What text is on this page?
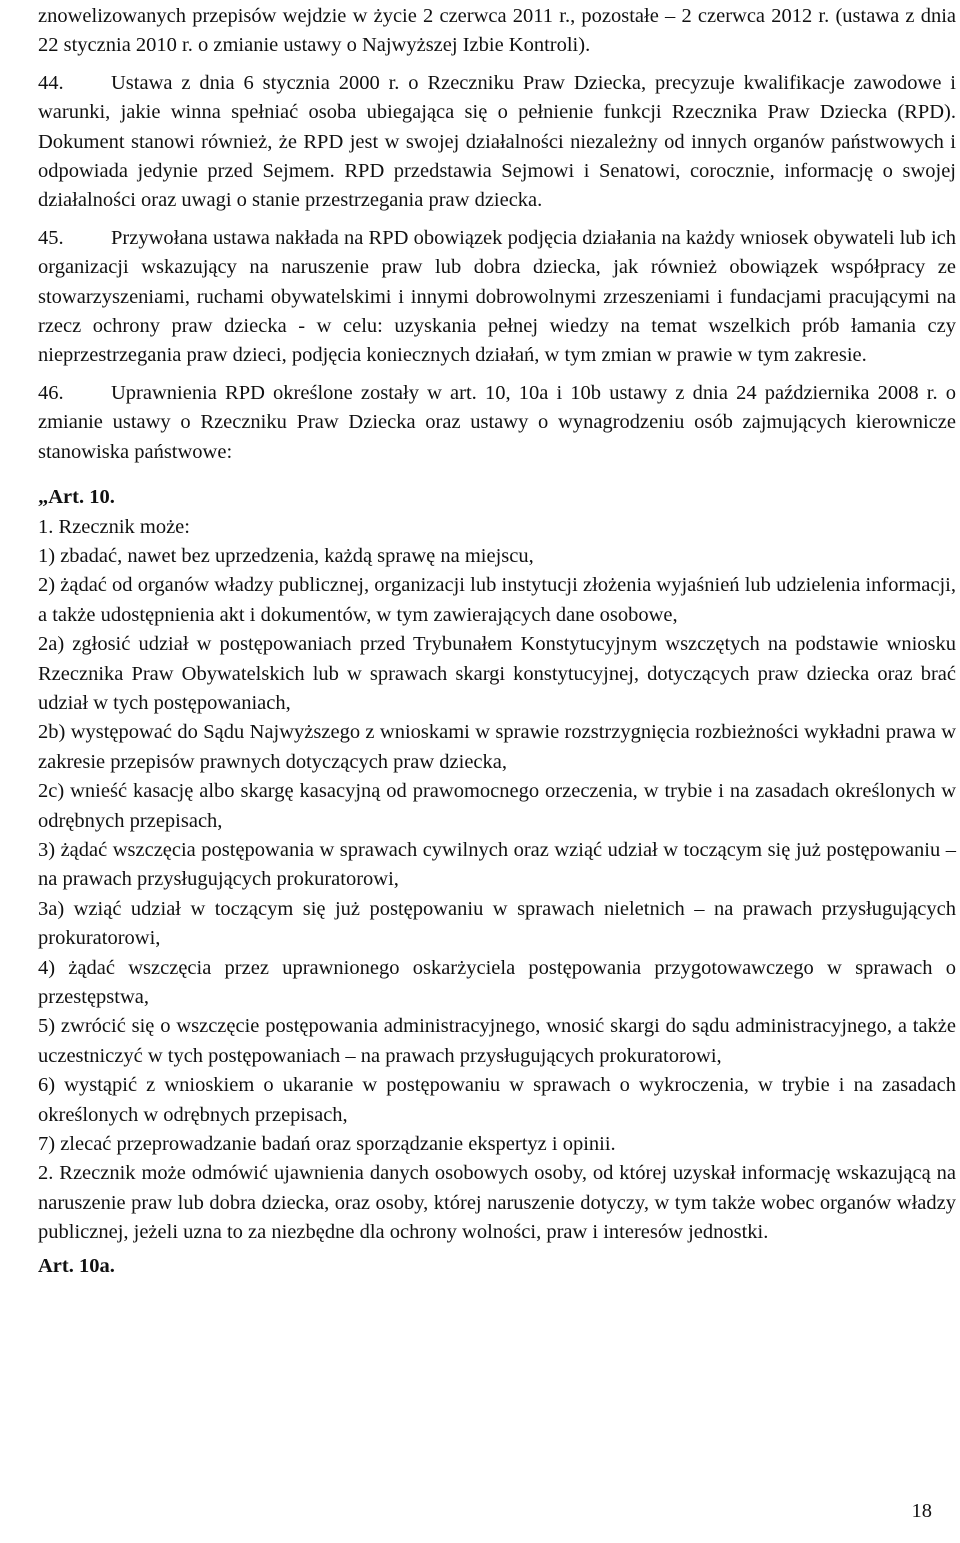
znowelizowanych przepisów wejdzie w życie 2 czerwca 2011 r., pozostałe – 2 czerwca 2012 r. (ustawa z dnia 22 stycznia 2010 r. o zmianie ustawy o Najwyższej Izbie Kontroli).

44. Ustawa z dnia 6 stycznia 2000 r. o Rzeczniku Praw Dziecka, precyzuje kwalifikacje zawodowe i warunki, jakie winna spełniać osoba ubiegająca się o pełnienie funkcji Rzecznika Praw Dziecka (RPD). Dokument stanowi również, że RPD jest w swojej działalności niezależny od innych organów państwowych i odpowiada jedynie przed Sejmem. RPD przedstawia Sejmowi i Senatowi, corocznie, informację o swojej działalności oraz uwagi o stanie przestrzegania praw dziecka.

45. Przywołana ustawa nakłada na RPD obowiązek podjęcia działania na każdy wniosek obywateli lub ich organizacji wskazujący na naruszenie praw lub dobra dziecka, jak również obowiązek współpracy ze stowarzyszeniami, ruchami obywatelskimi i innymi dobrowolnymi zrzeszeniami i fundacjami pracującymi na rzecz ochrony praw dziecka - w celu: uzyskania pełnej wiedzy na temat wszelkich prób łamania czy nieprzestrzegania praw dzieci, podjęcia koniecznych działań, w tym zmian w prawie w tym zakresie.

46. Uprawnienia RPD określone zostały w art. 10, 10a i 10b ustawy z dnia 24 października 2008 r. o zmianie ustawy o Rzeczniku Praw Dziecka oraz ustawy o wynagrodzeniu osób zajmujących kierownicze stanowiska państwowe:

„Art. 10.

1. Rzecznik może:

1) zbadać, nawet bez uprzedzenia, każdą sprawę na miejscu,

2) żądać od organów władzy publicznej, organizacji lub instytucji złożenia wyjaśnień lub udzielenia informacji, a także udostępnienia akt i dokumentów, w tym zawierających dane osobowe,

2a) zgłosić udział w postępowaniach przed Trybunałem Konstytucyjnym wszczętych na podstawie wniosku Rzecznika Praw Obywatelskich lub w sprawach skargi konstytucyjnej, dotyczących praw dziecka oraz brać udział w tych postępowaniach,

2b) występować do Sądu Najwyższego z wnioskami w sprawie rozstrzygnięcia rozbieżności wykładni prawa w zakresie przepisów prawnych dotyczących praw dziecka,

2c) wnieść kasację albo skargę kasacyjną od prawomocnego orzeczenia, w trybie i na zasadach określonych w odrębnych przepisach,

3) żądać wszczęcia postępowania w sprawach cywilnych oraz wziąć udział w toczącym się już postępowaniu – na prawach przysługujących prokuratorowi,

3a) wziąć udział w toczącym się już postępowaniu w sprawach nieletnich – na prawach przysługujących prokuratorowi,

4) żądać wszczęcia przez uprawnionego oskarżyciela postępowania przygotowawczego w sprawach o przestępstwa,

5) zwrócić się o wszczęcie postępowania administracyjnego, wnosić skargi do sądu administracyjnego, a także uczestniczyć w tych postępowaniach – na prawach przysługujących prokuratorowi,

6) wystąpić z wnioskiem o ukaranie w postępowaniu w sprawach o wykroczenia, w trybie i na zasadach określonych w odrębnych przepisach,

7) zlecać przeprowadzanie badań oraz sporządzanie ekspertyz i opinii.

2. Rzecznik może odmówić ujawnienia danych osobowych osoby, od której uzyskał informację wskazującą na naruszenie praw lub dobra dziecka, oraz osoby, której naruszenie dotyczy, w tym także wobec organów władzy publicznej, jeżeli uzna to za niezbędne dla ochrony wolności, praw i interesów jednostki.

Art. 10a.

18
